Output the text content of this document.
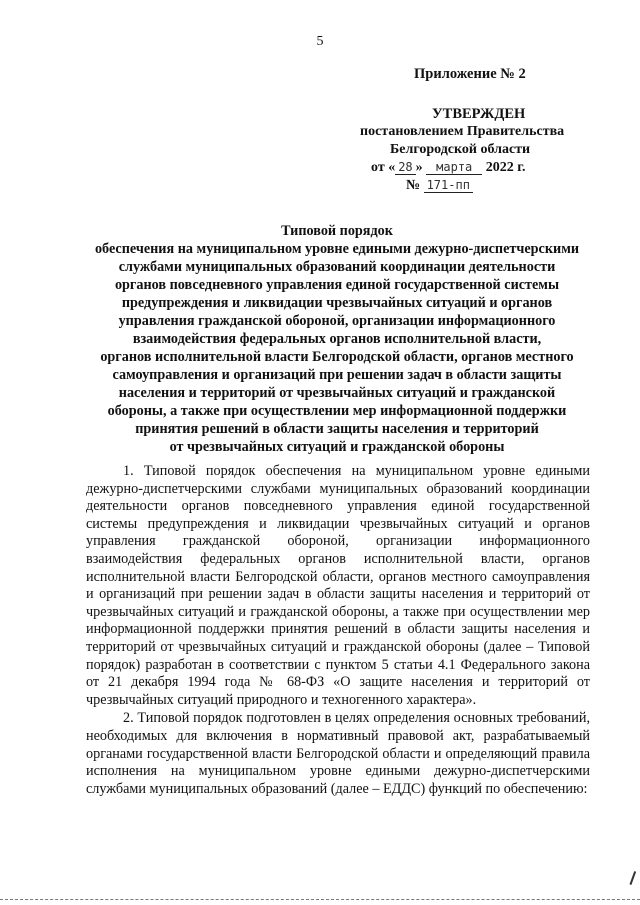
5
Приложение № 2
УТВЕРЖДЕН
постановлением Правительства
Белгородской области
от « 28 » марта 2022 г.
№ 171-пп
Типовой порядок
обеспечения на муниципальном уровне едиными дежурно-диспетчерскими
службами муниципальных образований координации деятельности
органов повседневного управления единой государственной системы
предупреждения и ликвидации чрезвычайных ситуаций и органов
управления гражданской обороной, организации информационного
взаимодействия федеральных органов исполнительной власти,
органов исполнительной власти Белгородской области, органов местного
самоуправления и организаций при решении задач в области защиты
населения и территорий от чрезвычайных ситуаций и гражданской
обороны, а также при осуществлении мер информационной поддержки
принятия решений в области защиты населения и территорий
от чрезвычайных ситуаций и гражданской обороны

1. Типовой порядок обеспечения на муниципальном уровне едиными дежурно-диспетчерскими службами муниципальных образований координации деятельности органов повседневного управления единой государственной системы предупреждения и ликвидации чрезвычайных ситуаций и органов управления гражданской обороной, организации информационного взаимодействия федеральных органов исполнительной власти, органов исполнительной власти Белгородской области, органов местного самоуправления и организаций при решении задач в области защиты населения и территорий от чрезвычайных ситуаций и гражданской обороны, а также при осуществлении мер информационной поддержки принятия решений в области защиты населения и территорий от чрезвычайных ситуаций и гражданской обороны (далее – Типовой порядок) разработан в соответствии с пунктом 5 статьи 4.1 Федерального закона от 21 декабря 1994 года № 68-ФЗ «О защите населения и территорий от чрезвычайных ситуаций природного и техногенного характера».

2. Типовой порядок подготовлен в целях определения основных требований, необходимых для включения в нормативный правовой акт, разрабатываемый органами государственной власти Белгородской области и определяющий правила исполнения на муниципальном уровне едиными дежурно-диспетчерскими службами муниципальных образований (далее – ЕДДС) функций по обеспечению:
